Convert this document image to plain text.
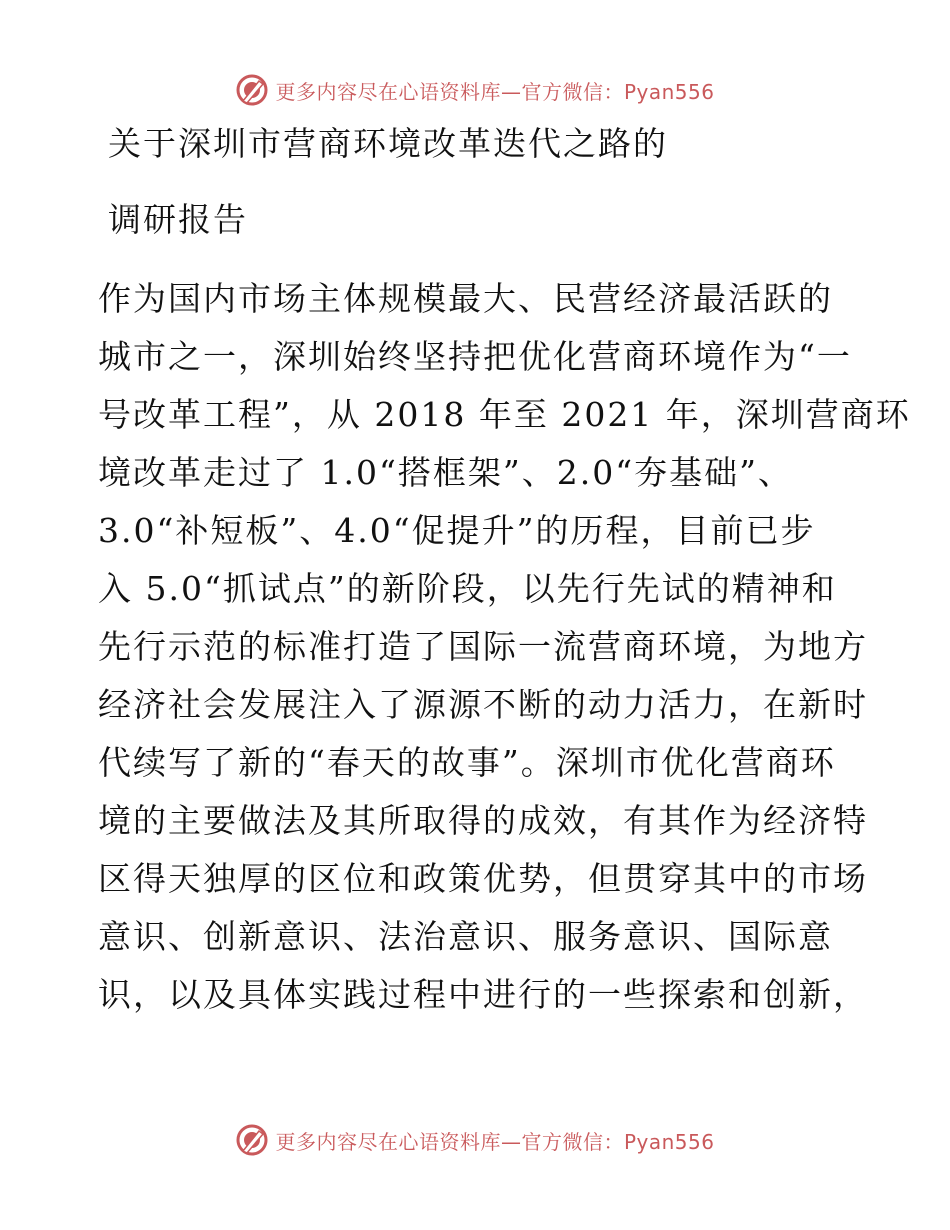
更多内容尽在心语资料库—官方微信：Pyan556
关于深圳市营商环境改革迭代之路的
调研报告
作为国内市场主体规模最大、民营经济最活跃的
城市之一，深圳始终坚持把优化营商环境作为“一
号改革工程”，从 2018 年至 2021 年，深圳营商环
境改革走过了 1.0“搭框架”、2.0“夯基础”、
3.0“补短板”、4.0“促提升”的历程，目前已步
入 5.0“抓试点”的新阶段，以先行先试的精神和
先行示范的标准打造了国际一流营商环境，为地方
经济社会发展注入了源源不断的动力活力，在新时
代续写了新的“春天的故事”。深圳市优化营商环
境的主要做法及其所取得的成效，有其作为经济特
区得天独厚的区位和政策优势，但贯穿其中的市场
意识、创新意识、法治意识、服务意识、国际意
识，以及具体实践过程中进行的一些探索和创新，
更多内容尽在心语资料库—官方微信：Pyan556
